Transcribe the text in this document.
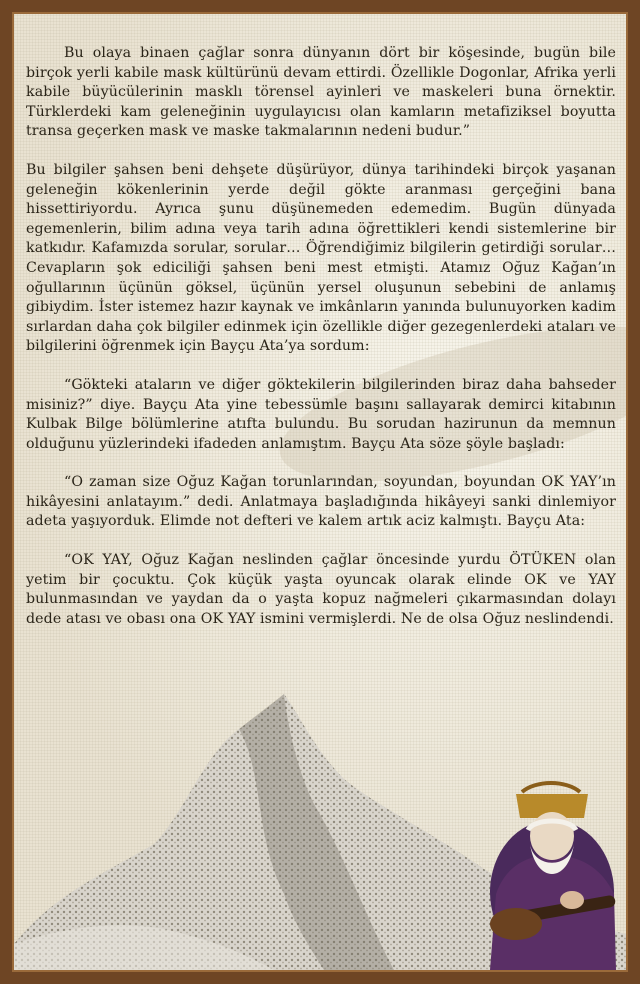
Bu olaya binaen çağlar sonra dünyanın dört bir köşesinde, bugün bile birçok yerli kabile mask kültürünü devam ettirdi. Özellikle Dogonlar, Afrika yerli kabile büyücülerinin masklı törensel ayinleri ve maskeleri buna örnektir. Türklerdeki kam geleneğinin uygulayıcısı olan kamların metafiziksel boyutta transa geçerken mask ve maske takmalarının nedeni budur.”

Bu bilgiler şahsen beni dehşete düşürüyor, dünya tarihindeki birçok yaşanan geleneğin kökenlerinin yerde değil gökte aranması gerçeğini bana hissettiriyordu. Ayrıca şunu düşünemeden edemedim. Bugün dünyada egemenlerin, bilim adına veya tarih adına öğrettikleri kendi sistemlerine bir katkıdır. Kafamızda sorular, sorular… Öğrendiğimiz bilgilerin getirdiği sorular… Cevapların şok ediciliği şahsen beni mest etmişti. Atamız Oğuz Kağan’ın oğullarının üçünün göksel, üçünün yersel oluşunun sebebini de anlamış gibiydim. İster istemez hazır kaynak ve imkânların yanında bulunuyorken kadim sırlardan daha çok bilgiler edinmek için özellikle diğer gezegenlerdeki ataları ve bilgilerini öğrenmek için Bayçu Ata’ya sordum:

“Gökteki ataların ve diğer göktekilerin bilgilerinden biraz daha bahseder misiniz?” diye. Bayçu Ata yine tebessümle başını sallayarak demirci kitabının Kulbak Bilge bölümlerine atıfta bulundu. Bu sorudan hazirunun da memnun olduğunu yüzlerindeki ifadeden anlamıştım. Bayçu Ata söze şöyle başladı:

“O zaman size Oğuz Kağan torunlarından, soyundan, boyundan OK YAY’ın hikâyesini anlatayım.” dedi. Anlatmaya başladığında hikâyeyi sanki dinlemiyor adeta yaşıyorduk. Elimde not defteri ve kalem artık aciz kalmıştı. Bayçu Ata:

“OK YAY, Oğuz Kağan neslinden çağlar öncesinde yurdu ÖTÜKEN olan yetim bir çocuktu. Çok küçük yaşta oyuncak olarak elinde OK ve YAY bulunmasından ve yaydan da o yaşta kopuz nağmeleri çıkarmasından dolayı dede atası ve obası ona OK YAY ismini vermişlerdi. Ne de olsa Oğuz neslindendi.
